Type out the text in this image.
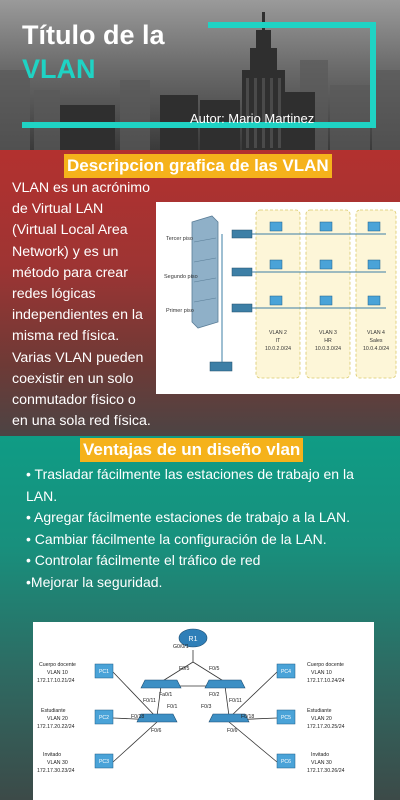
Título de la
VLAN
Autor: Mario Martinez
Descripcion grafica de las VLAN
VLAN es un acrónimo
de Virtual LAN
(Virtual Local Area
Network) y es un
método para crear
redes lógicas
independientes en la
misma red física.
Varias VLAN pueden
coexistir en un solo
conmutador físico o
en una sola red física.
Tercer piso
Segundo piso
Primer piso
VLAN 2
IT
10.0.2.0/24
VLAN 3
HR
10.0.3.0/24
VLAN 4
Sales
10.0.4.0/24
Ventajas de un diseño vlan
• Trasladar fácilmente las estaciones de trabajo en la LAN.
• Agregar fácilmente estaciones de trabajo a la LAN.
• Cambiar fácilmente la configuración de la LAN.
• Controlar fácilmente el tráfico de red
•Mejorar la seguridad.
R1
G0/0/1
F0/5	F0/5
Fa0/1	F0/2
F0/1	F0/3
F0/11
F0/18
F0/6
F0/11
F0/18
F0/6
PC1
PC2
PC3
PC4
PC5
PC6
Cuerpo docente
VLAN 10
172.17.10.21/24
Estudiante
VLAN 20
172.17.20.22/24
Invitado
VLAN 30
172.17.30.23/24
Cuerpo docente
VLAN 10
172.17.10.24/24
Estudiante
VLAN 20
172.17.20.25/24
Invitado
VLAN 30
172.17.30.26/24
